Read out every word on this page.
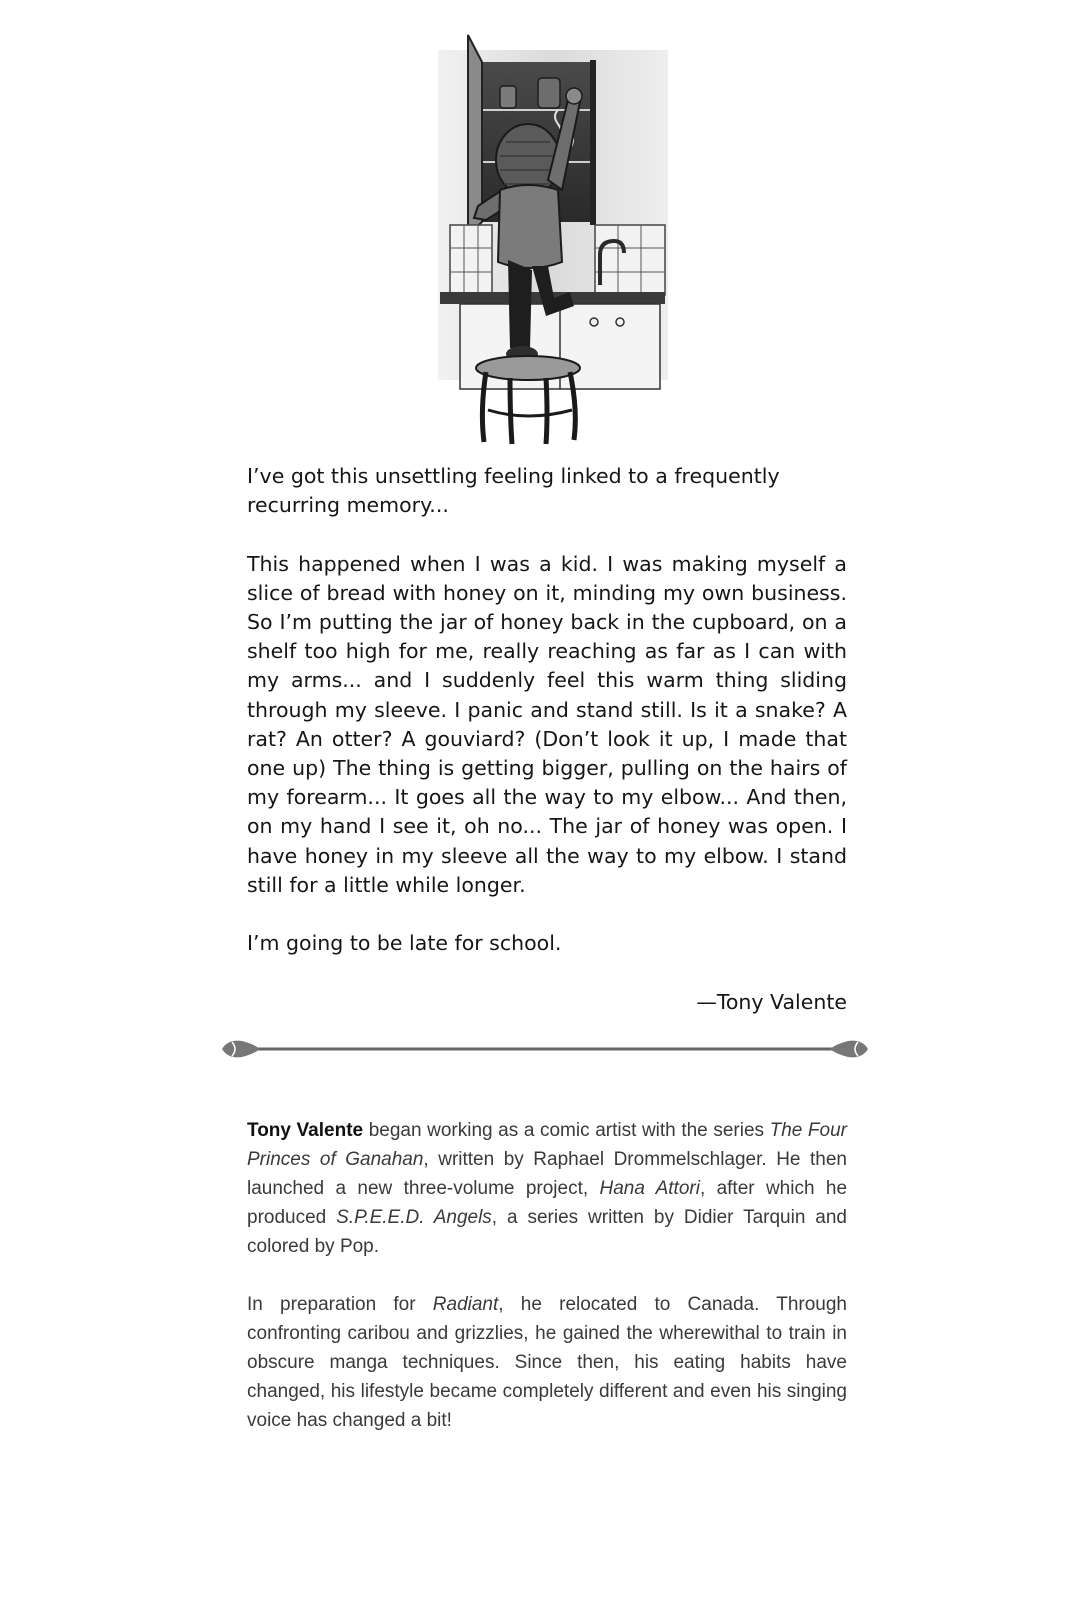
I’ve got this unsettling feeling linked to a frequently recurring memory...

This happened when I was a kid. I was making myself a slice of bread with honey on it, minding my own business. So I’m putting the jar of honey back in the cupboard, on a shelf too high for me, really reaching as far as I can with my arms... and I suddenly feel this warm thing sliding through my sleeve. I panic and stand still. Is it a snake? A rat? An otter? A gouviard? (Don’t look it up, I made that one up) The thing is getting bigger, pulling on the hairs of my forearm... It goes all the way to my elbow... And then, on my hand I see it, oh no... The jar of honey was open. I have honey in my sleeve all the way to my elbow. I stand still for a little while longer.

I’m going to be late for school.

—Tony Valente

Tony Valente began working as a comic artist with the series The Four Princes of Ganahan, written by Raphael Drommelschlager. He then launched a new three-volume project, Hana Attori, after which he produced S.P.E.E.D. Angels, a series written by Didier Tarquin and colored by Pop.

In preparation for Radiant, he relocated to Canada. Through confronting caribou and grizzlies, he gained the wherewithal to train in obscure manga techniques. Since then, his eating habits have changed, his lifestyle became completely different and even his singing voice has changed a bit!
